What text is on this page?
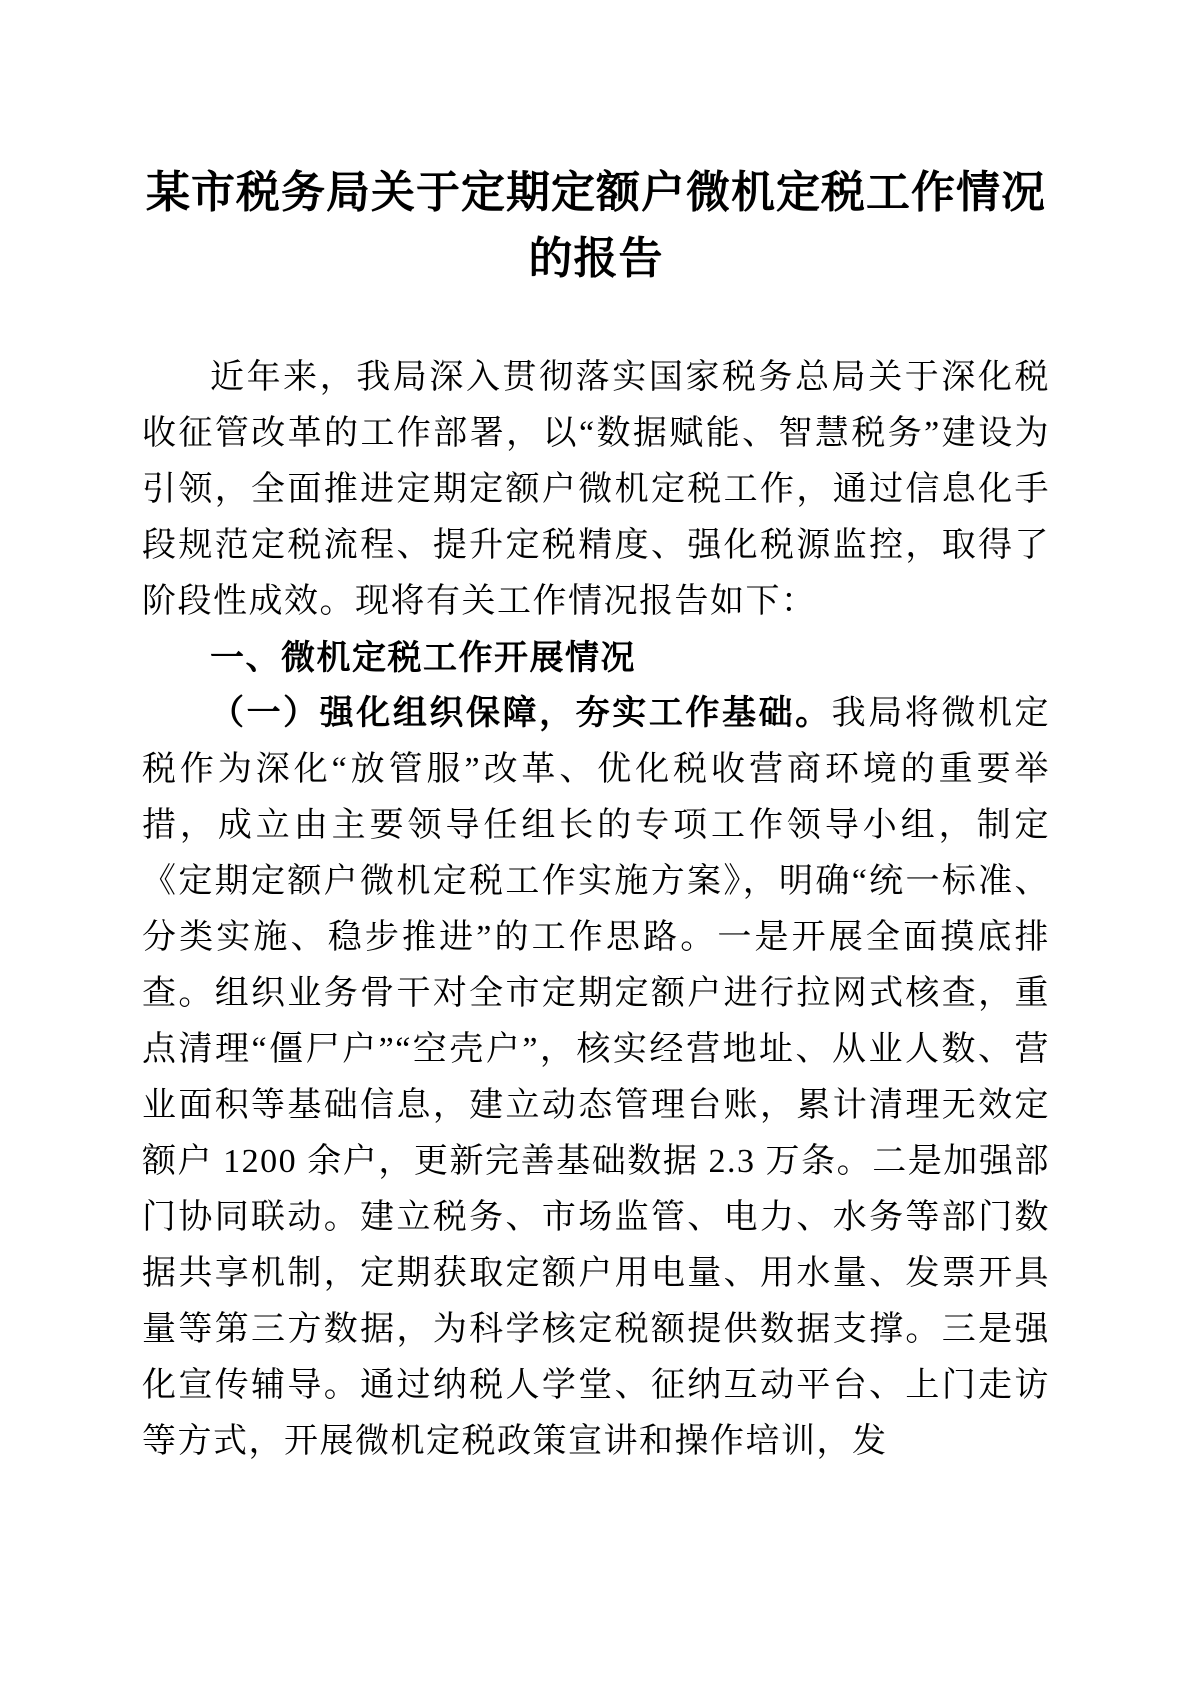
某市税务局关于定期定额户微机定税工作情况的报告

近年来，我局深入贯彻落实国家税务总局关于深化税收征管改革的工作部署，以“数据赋能、智慧税务”建设为引领，全面推进定期定额户微机定税工作，通过信息化手段规范定税流程、提升定税精度、强化税源监控，取得了阶段性成效。现将有关工作情况报告如下：

一、微机定税工作开展情况

（一）强化组织保障，夯实工作基础。我局将微机定税作为深化“放管服”改革、优化税收营商环境的重要举措，成立由主要领导任组长的专项工作领导小组，制定《定期定额户微机定税工作实施方案》，明确“统一标准、分类实施、稳步推进”的工作思路。一是开展全面摸底排查。组织业务骨干对全市定期定额户进行拉网式核查，重点清理“僵尸户”“空壳户”，核实经营地址、从业人数、营业面积等基础信息，建立动态管理台账，累计清理无效定额户 1200 余户，更新完善基础数据 2.3 万条。二是加强部门协同联动。建立税务、市场监管、电力、水务等部门数据共享机制，定期获取定额户用电量、用水量、发票开具量等第三方数据，为科学核定税额提供数据支撑。三是强化宣传辅导。通过纳税人学堂、征纳互动平台、上门走访等方式，开展微机定税政策宣讲和操作培训，发
